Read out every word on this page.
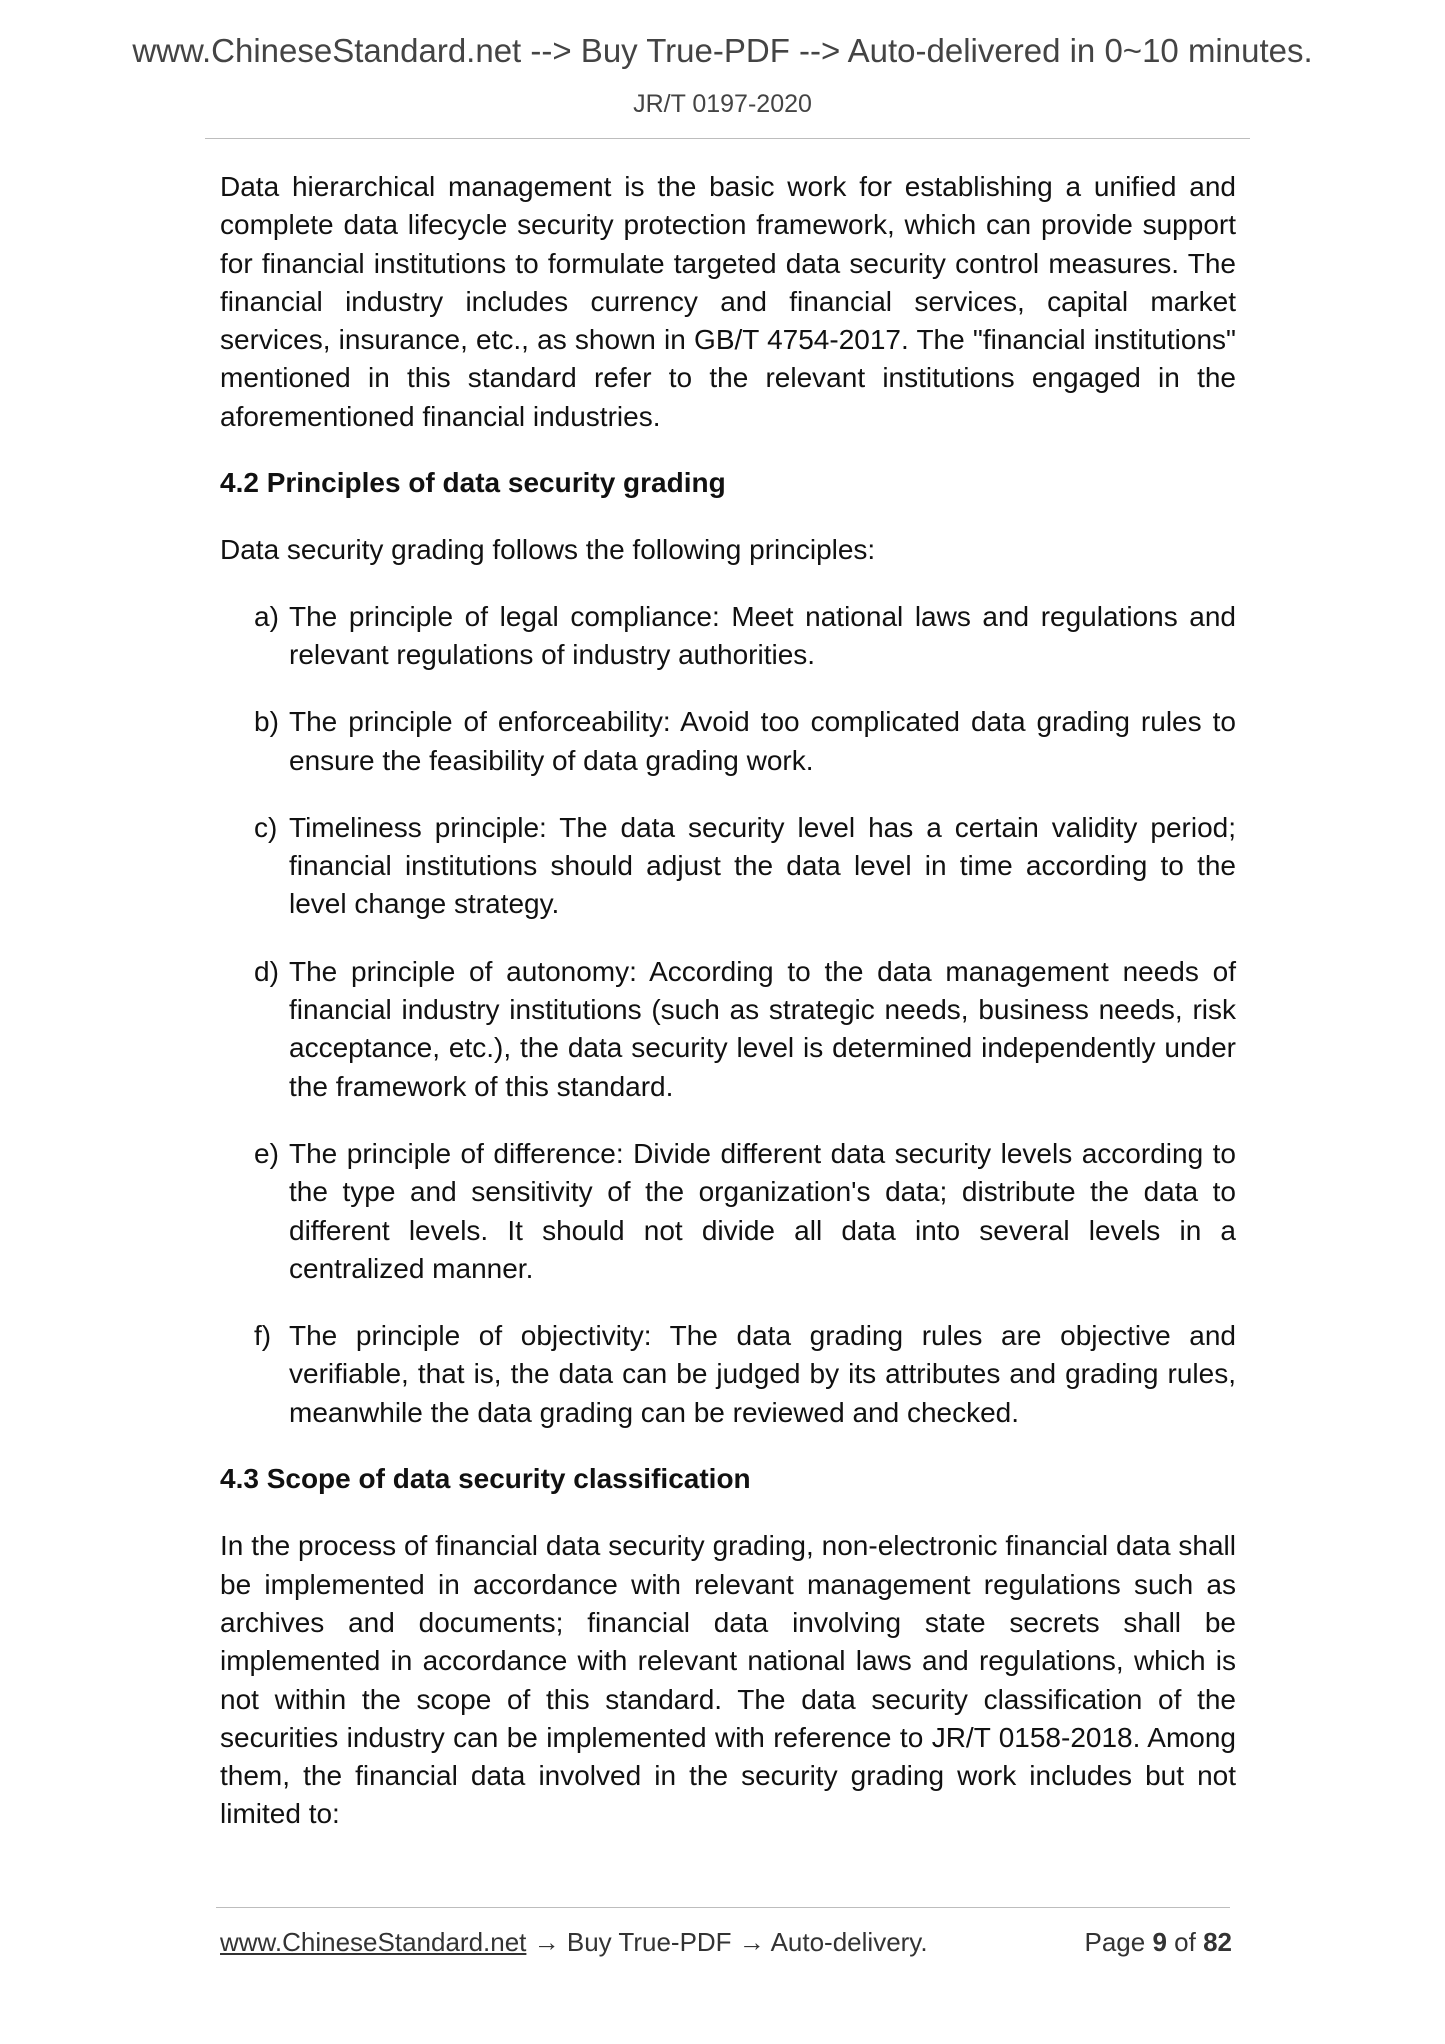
www.ChineseStandard.net --> Buy True-PDF --> Auto-delivered in 0~10 minutes.
JR/T 0197-2020

Data hierarchical management is the basic work for establishing a unified and complete data lifecycle security protection framework, which can provide support for financial institutions to formulate targeted data security control measures. The financial industry includes currency and financial services, capital market services, insurance, etc., as shown in GB/T 4754-2017. The "financial institutions" mentioned in this standard refer to the relevant institutions engaged in the aforementioned financial industries.

4.2 Principles of data security grading

Data security grading follows the following principles:

a) The principle of legal compliance: Meet national laws and regulations and relevant regulations of industry authorities.
b) The principle of enforceability: Avoid too complicated data grading rules to ensure the feasibility of data grading work.
c) Timeliness principle: The data security level has a certain validity period; financial institutions should adjust the data level in time according to the level change strategy.
d) The principle of autonomy: According to the data management needs of financial industry institutions (such as strategic needs, business needs, risk acceptance, etc.), the data security level is determined independently under the framework of this standard.
e) The principle of difference: Divide different data security levels according to the type and sensitivity of the organization's data; distribute the data to different levels. It should not divide all data into several levels in a centralized manner.
f) The principle of objectivity: The data grading rules are objective and verifiable, that is, the data can be judged by its attributes and grading rules, meanwhile the data grading can be reviewed and checked.

4.3 Scope of data security classification

In the process of financial data security grading, non-electronic financial data shall be implemented in accordance with relevant management regulations such as archives and documents; financial data involving state secrets shall be implemented in accordance with relevant national laws and regulations, which is not within the scope of this standard. The data security classification of the securities industry can be implemented with reference to JR/T 0158-2018. Among them, the financial data involved in the security grading work includes but not limited to:

www.ChineseStandard.net → Buy True-PDF → Auto-delivery.	Page 9 of 82
